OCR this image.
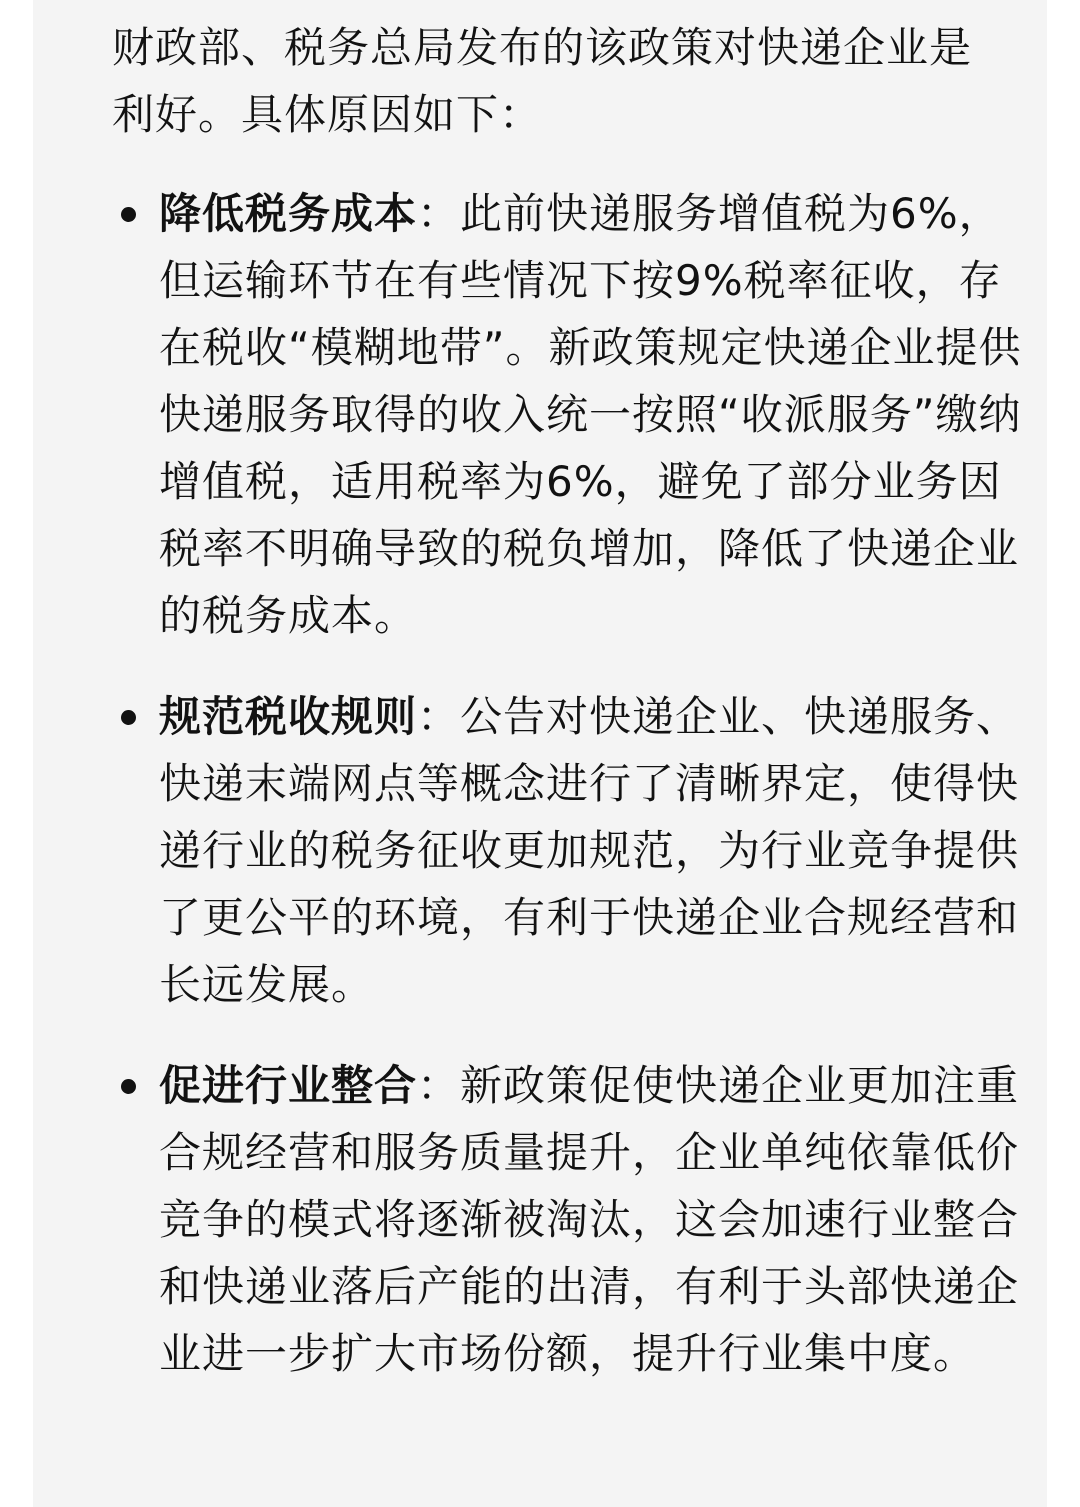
财政部、税务总局发布的该政策对快递企业是利好。具体原因如下：

降低税务成本：此前快递服务增值税为6%，但运输环节在有些情况下按9%税率征收，存在税收“模糊地带”。新政策规定快递企业提供快递服务取得的收入统一按照“收派服务”缴纳增值税，适用税率为6%，避免了部分业务因税率不明确导致的税负增加，降低了快递企业的税务成本。
规范税收规则：公告对快递企业、快递服务、快递末端网点等概念进行了清晰界定，使得快递行业的税务征收更加规范，为行业竞争提供了更公平的环境，有利于快递企业合规经营和长远发展。
促进行业整合：新政策促使快递企业更加注重合规经营和服务质量提升，企业单纯依靠低价竞争的模式将逐渐被淘汰，这会加速行业整合和快递业落后产能的出清，有利于头部快递企业进一步扩大市场份额，提升行业集中度。
